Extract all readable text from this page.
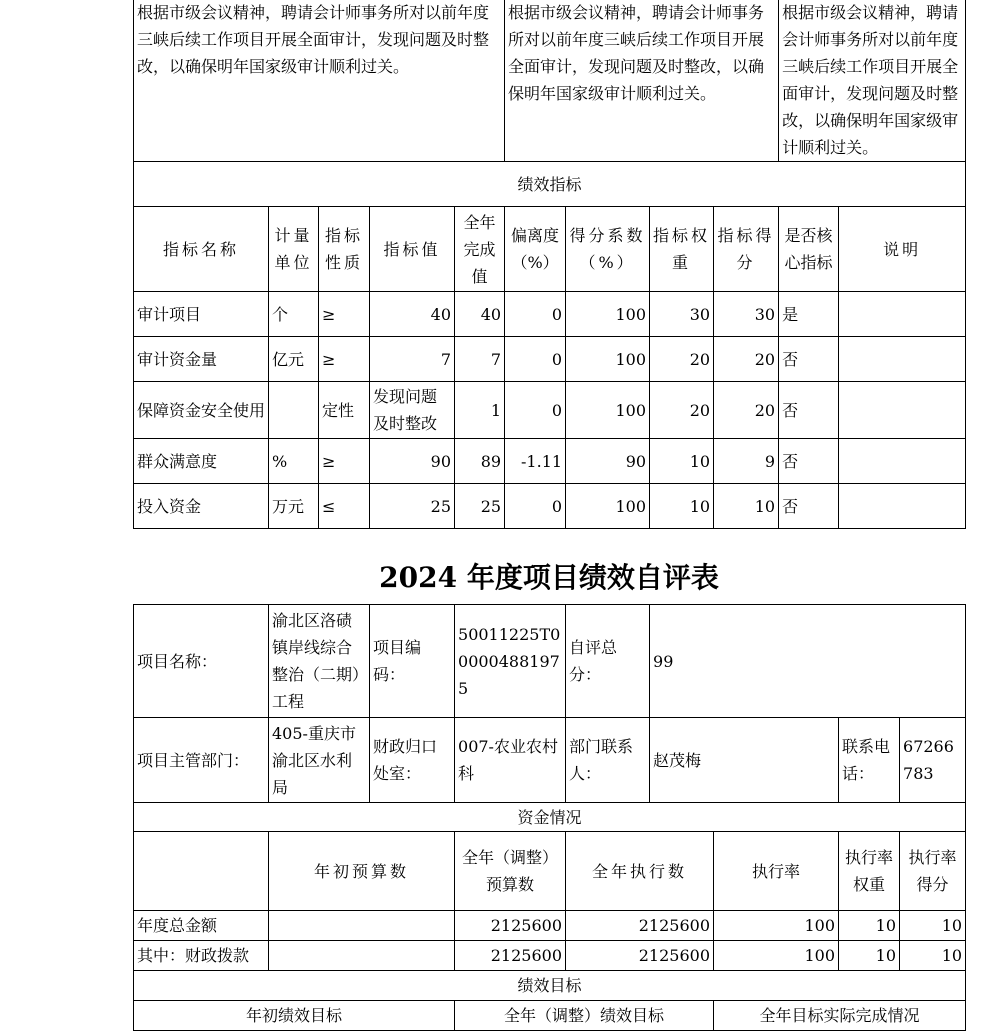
根据市级会议精神，聘请会计师事务所对以前年度三峡后续工作项目开展全面审计，发现问题及时整改，以确保明年国家级审计顺利过关。					根据市级会议精神，聘请会计师事务所对以前年度三峡后续工作项目开展全面审计，发现问题及时整改，以确保明年国家级审计顺利过关。				根据市级会议精神，聘请会计师事务所对以前年度三峡后续工作项目开展全面审计，发现问题及时整改，以确保明年国家级审计顺利过关。	
绩效指标										
指标名称	计量单位	指标性质	指标值	全年完成值	偏离度（%）	得分系数（%）	指标权重	指标得分	是否核心指标	说明
审计项目	个	≥	40	40	0	100	30	30	是	
审计资金量	亿元	≥	7	7	0	100	20	20	否	
保障资金安全使用		定性	发现问题及时整改	1	0	100	20	20	否	
群众满意度	%	≥	90	89	-1.11	90	10	9	否	
投入资金	万元	≤	25	25	0	100	10	10	否	
2024 年度项目绩效自评表
项目名称：	渝北区洛碛镇岸线综合整治（二期）工程	项目编码：	50011225T000004881975	自评总分：	99			
项目主管部门：	405-重庆市渝北区水利局	财政归口处室：	007-农业农村科	部门联系人：	赵茂梅		联系电话：	67266783
资金情况								
	年初预算数		全年（调整）预算数	全年执行数		执行率	执行率权重	执行率得分
年度总金额			2125600	2125600		100	10	10
其中：财政拨款			2125600	2125600		100	10	10
绩效目标								
年初绩效目标			全年（调整）绩效目标			全年目标实际完成情况		
